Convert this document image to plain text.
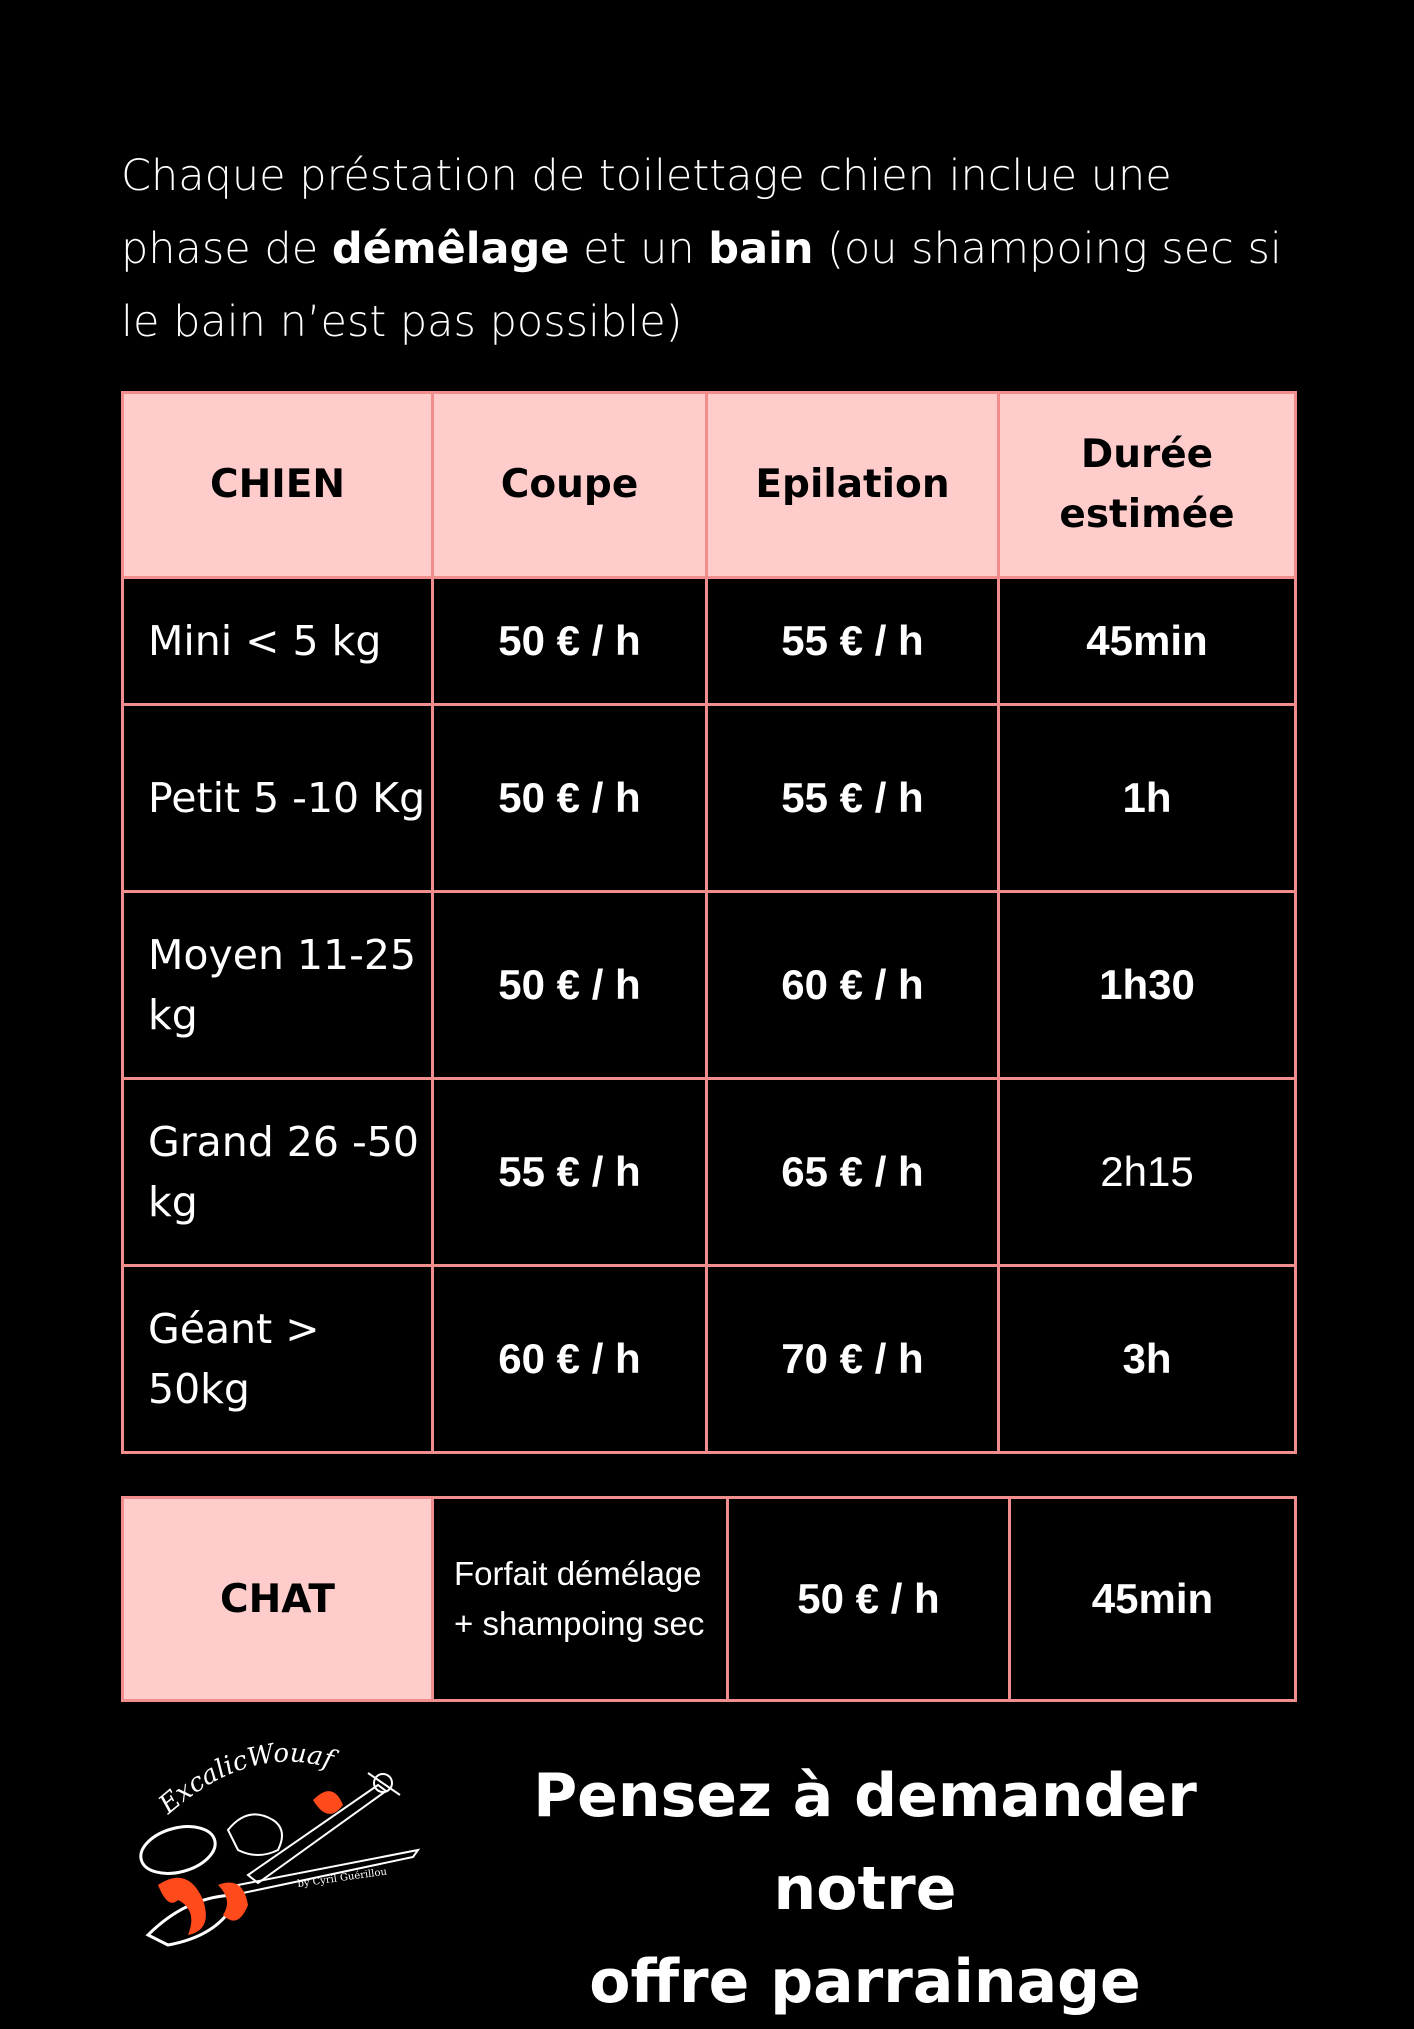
Chaque préstation de toilettage chien inclue une phase de démêlage et un bain (ou shampoing sec si le bain n’est pas possible)

CHIEN	Coupe	Epilation	Durée estimée
Mini < 5 kg	50 € / h	55 € / h	45min
Petit 5 -10 Kg	50 € / h	55 € / h	1h
Moyen 11-25 kg	50 € / h	60 € / h	1h30
Grand 26 -50 kg	55 € / h	65 € / h	2h15
Géant > 50kg	60 € / h	70 € / h	3h
CHAT	Forfait démélage + shampoing sec	50 € / h	45min
ExcalicWouaf
by Cyril Guérillou
Pensez à demander notre
offre parrainage
